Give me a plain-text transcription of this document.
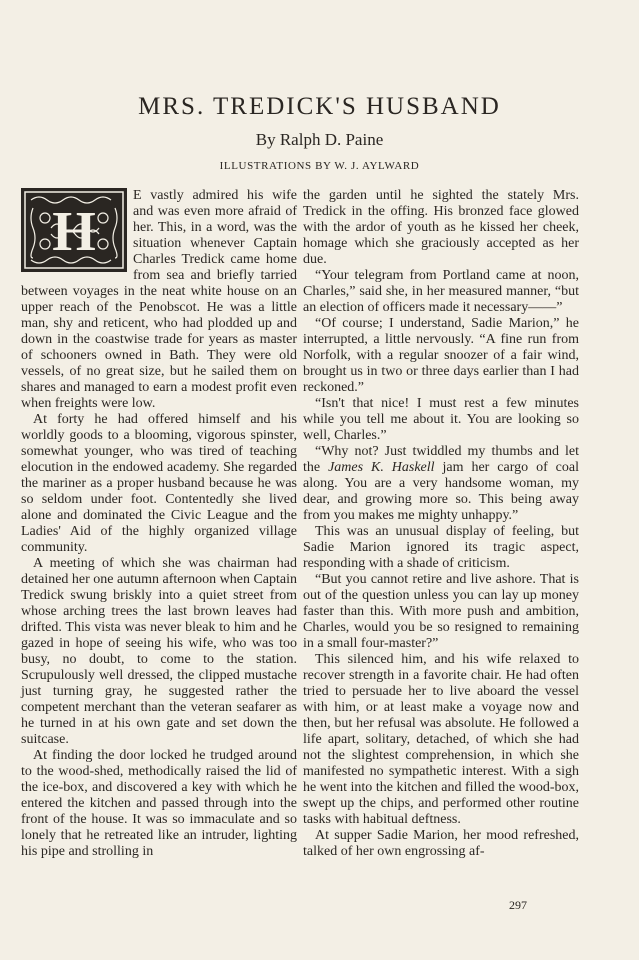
MRS. TREDICK'S HUSBAND
By Ralph D. Paine
ILLUSTRATIONS BY W. J. AYLWARD
H

E vastly admired his wife and was even more afraid of her. This, in a word, was the situation whenever Captain Charles Tredick came home from sea and briefly tarried between voyages in the neat white house on an upper reach of the Penobscot. He was a little man, shy and reticent, who had plodded up and down in the coastwise trade for years as master of schooners owned in Bath. They were old vessels, of no great size, but he sailed them on shares and managed to earn a modest profit even when freights were low.

At forty he had offered himself and his worldly goods to a blooming, vigorous spinster, somewhat younger, who was tired of teaching elocution in the endowed academy. She regarded the mariner as a proper husband because he was so seldom under foot. Contentedly she lived alone and dominated the Civic League and the Ladies' Aid of the highly organized village community.

A meeting of which she was chairman had detained her one autumn afternoon when Captain Tredick swung briskly into a quiet street from whose arching trees the last brown leaves had drifted. This vista was never bleak to him and he gazed in hope of seeing his wife, who was too busy, no doubt, to come to the station. Scrupulously well dressed, the clipped mustache just turning gray, he suggested rather the competent merchant than the veteran seafarer as he turned in at his own gate and set down the suitcase.

At finding the door locked he trudged around to the wood-shed, methodically raised the lid of the ice-box, and discovered a key with which he entered the kitchen and passed through into the front of the house. It was so immaculate and so lonely that he retreated like an intruder, lighting his pipe and strolling in

the garden until he sighted the stately Mrs. Tredick in the offing. His bronzed face glowed with the ardor of youth as he kissed her cheek, homage which she graciously accepted as her due.

“Your telegram from Portland came at noon, Charles,” said she, in her measured manner, “but an election of officers made it necessary——”

“Of course; I understand, Sadie Marion,” he interrupted, a little nervously. “A fine run from Norfolk, with a regular snoozer of a fair wind, brought us in two or three days earlier than I had reckoned.”

“Isn't that nice! I must rest a few minutes while you tell me about it. You are looking so well, Charles.”

“Why not? Just twiddled my thumbs and let the James K. Haskell jam her cargo of coal along. You are a very handsome woman, my dear, and growing more so. This being away from you makes me mighty unhappy.”

This was an unusual display of feeling, but Sadie Marion ignored its tragic aspect, responding with a shade of criticism.

“But you cannot retire and live ashore. That is out of the question unless you can lay up money faster than this. With more push and ambition, Charles, would you be so resigned to remaining in a small four-master?”

This silenced him, and his wife relaxed to recover strength in a favorite chair. He had often tried to persuade her to live aboard the vessel with him, or at least make a voyage now and then, but her refusal was absolute. He followed a life apart, solitary, detached, of which she had not the slightest comprehension, in which she manifested no sympathetic interest. With a sigh he went into the kitchen and filled the wood-box, swept up the chips, and performed other routine tasks with habitual deftness.

At supper Sadie Marion, her mood refreshed, talked of her own engrossing af-

297
